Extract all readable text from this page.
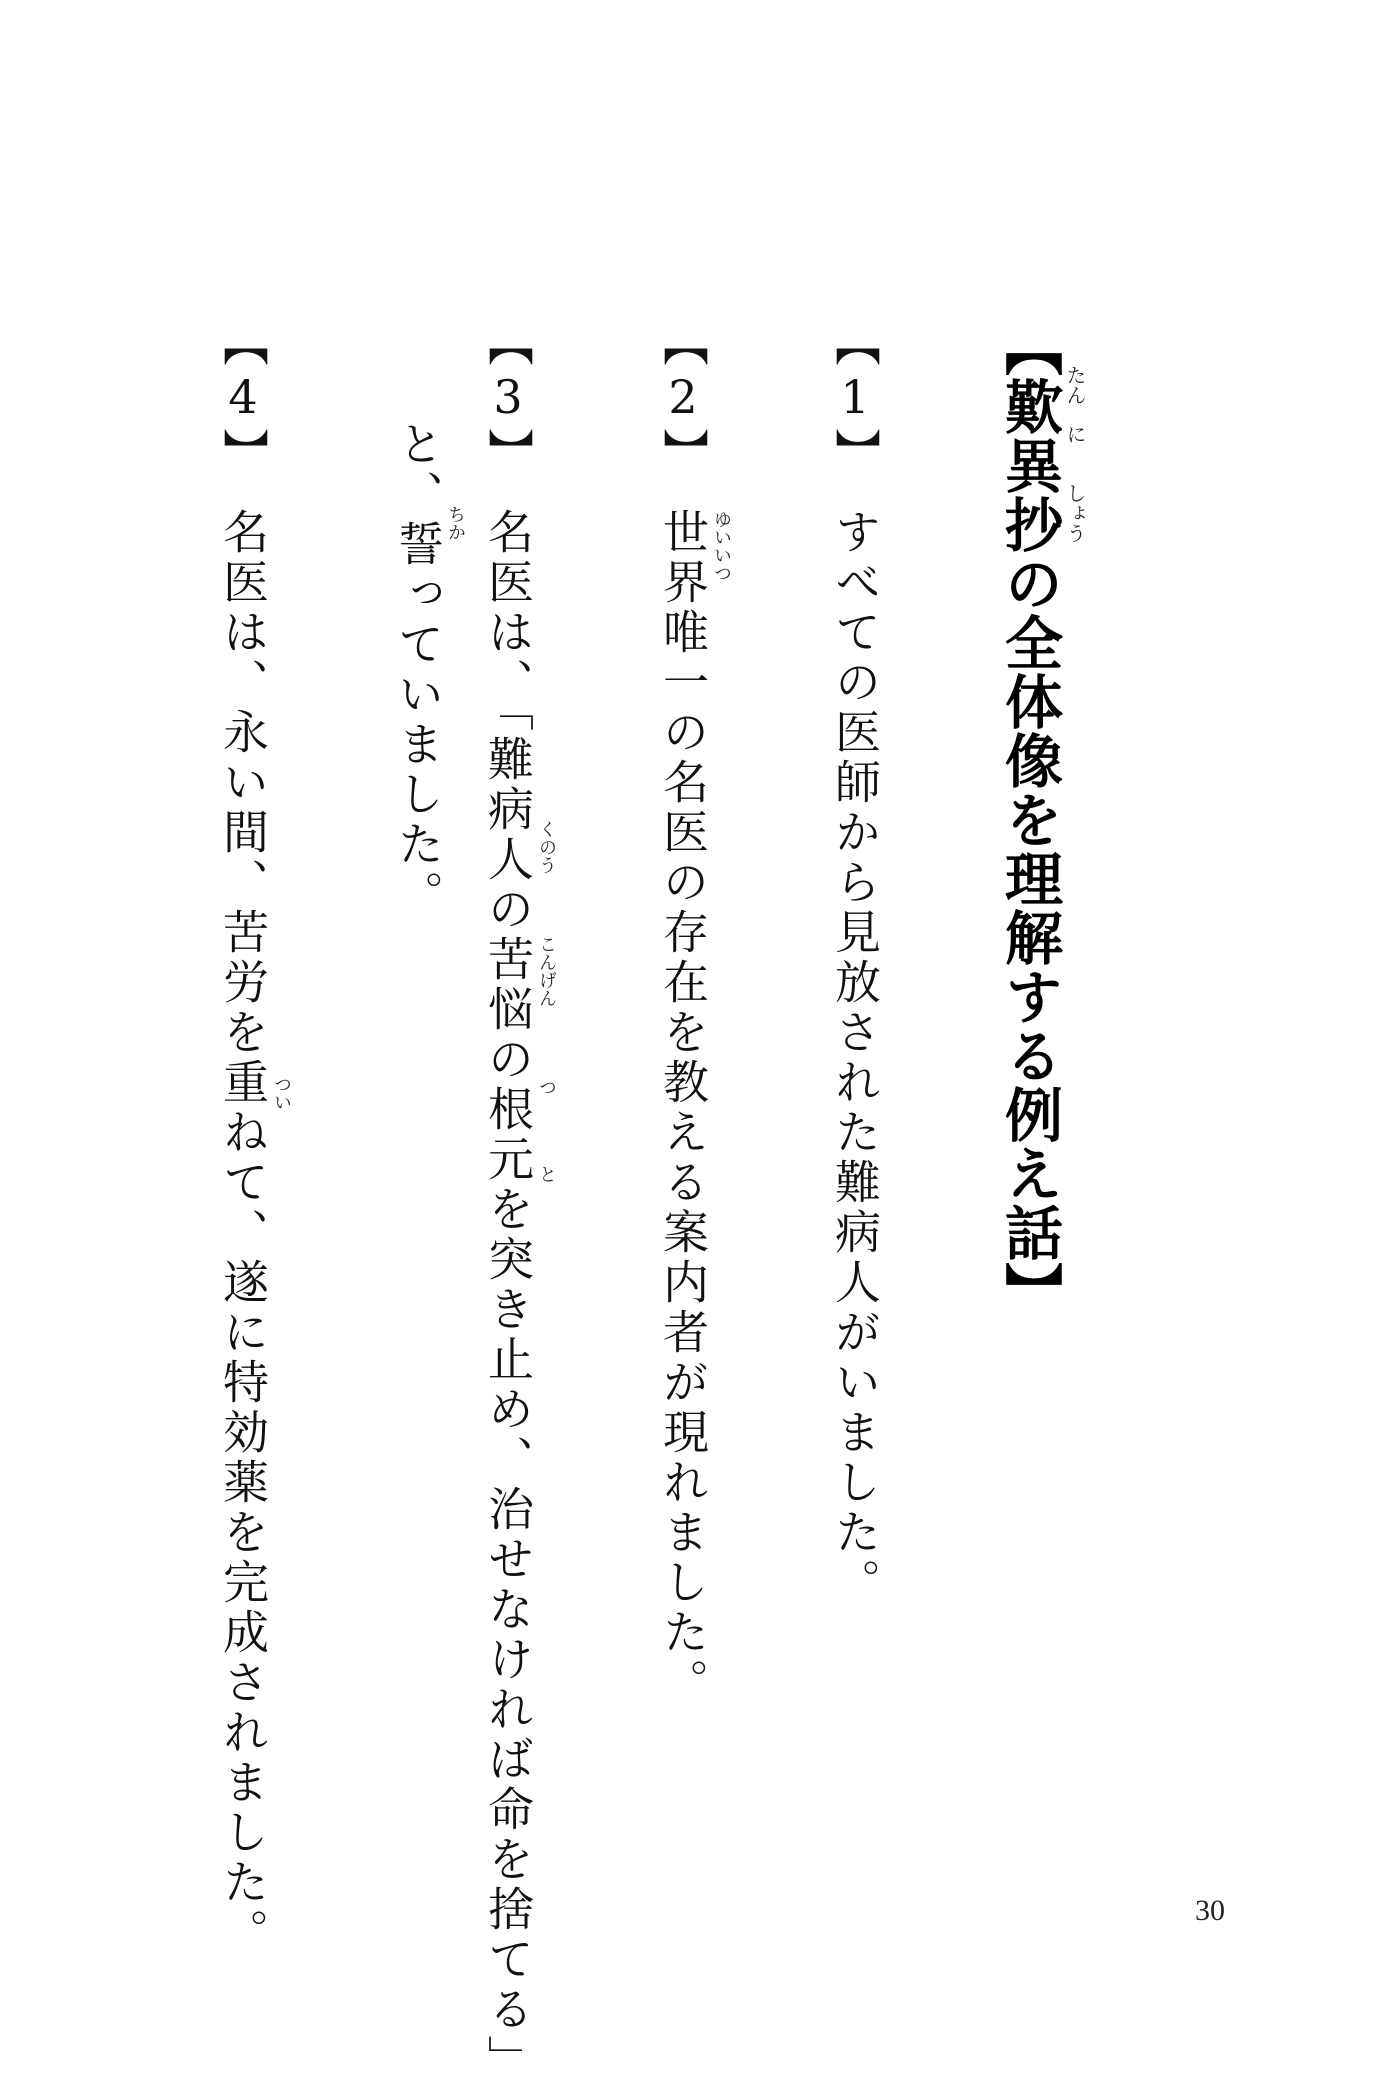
【歎異抄の全体像を理解する例え話】 たん
に
しょう
【1】すべての医師から見放された難病人がいました。
【2】世界唯一の名医の存在を教える案内者が現れました。 ゆいいつ
【3】名医は、「難病人の苦悩の根元を突き止め、治せなければ命を捨てる」
と、誓っていました。	くのう
こんげん
つ
と
ちか
【4】名医は、永い間、苦労を重ねて、遂に特効薬を完成されました。 つい
30
